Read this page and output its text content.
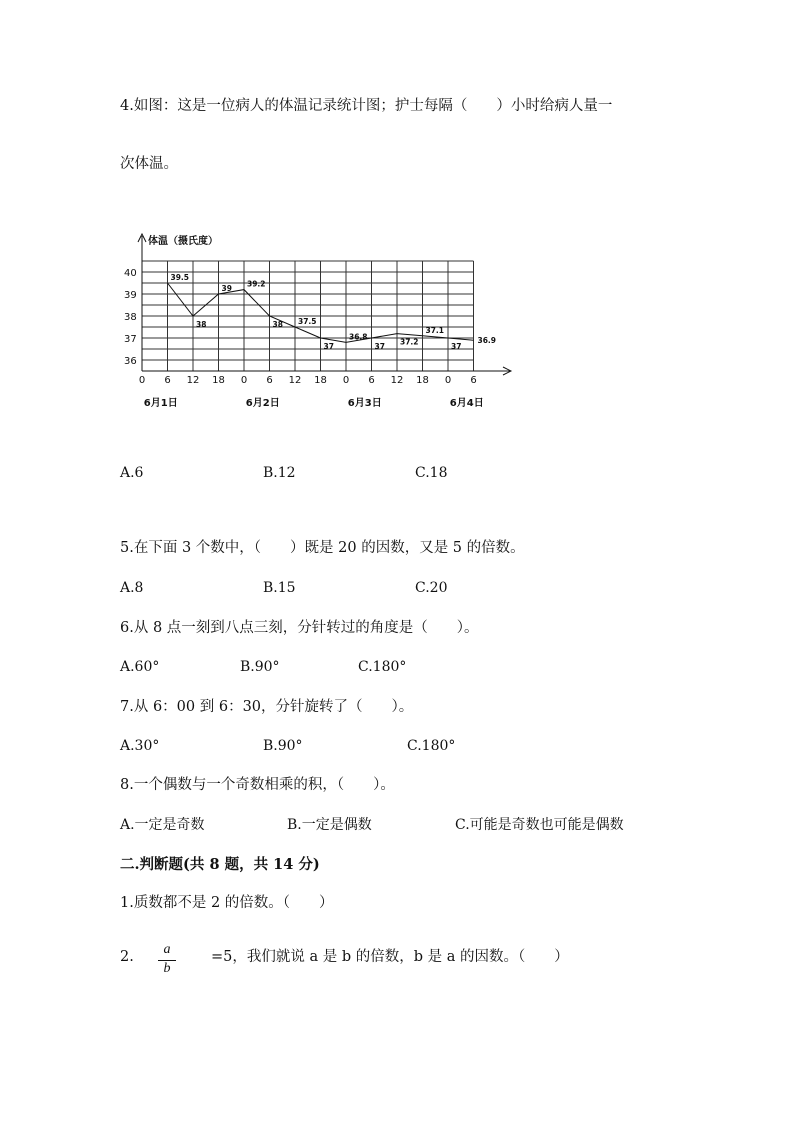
4.如图：这是一位病人的体温记录统计图；护士每隔（　　）小时给病人量一
次体温。
体温（摄氏度）
36
37
38
39
40
0 6 12 18 0 6 12 18 0 6 12 18 0 6
6月1日	6月2日	6月3日	6月4日
39.5
38
39 39.2
38 37.5
37
36.8
37 37.2
37.1
37
36.9
A.6	B.12	C.18
5.在下面 3 个数中，（　　）既是 20 的因数，又是 5 的倍数。
A.8	B.15	C.20
6.从 8 点一刻到八点三刻，分针转过的角度是（　　）。
A.60°	B.90°	C.180°
7.从 6：00 到 6：30，分针旋转了（　　）。
A.30°	B.90°	C.180°
8.一个偶数与一个奇数相乘的积，（　　）。
A.一定是奇数	B.一定是偶数	C.可能是奇数也可能是偶数
二.判断题(共 8 题，共 14 分)
1.质数都不是 2 的倍数。（　　）
2.	a
b
=5，我们就说 a 是 b 的倍数，b 是 a 的因数。（　　）
